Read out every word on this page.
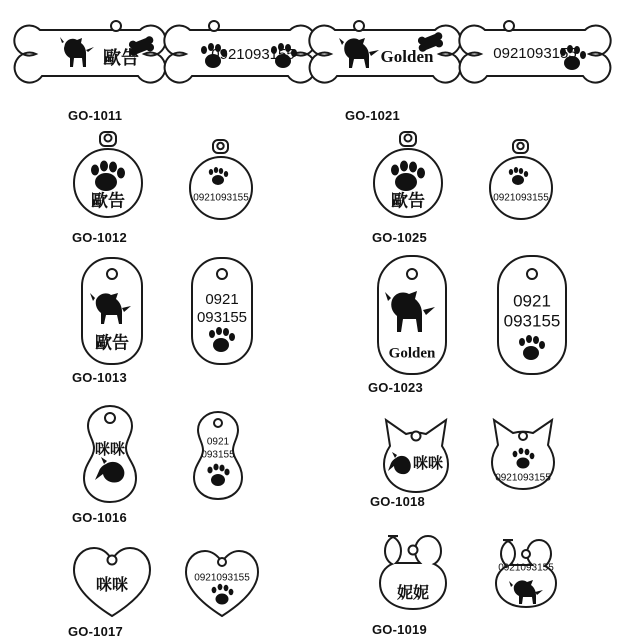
歐告	0921093155
GO-1011
Golden	0921093155
GO-1021
歐告	0921093155
GO-1012
歐告	0921093155
GO-1025
歐告
0921
093155
GO-1013
Golden
0921
093155
GO-1023
咪咪	0921
093155
GO-1016
咪咪
0921093155
GO-1018
咪咪	0921093155
GO-1017
妮妮
0921093155
GO-1019
